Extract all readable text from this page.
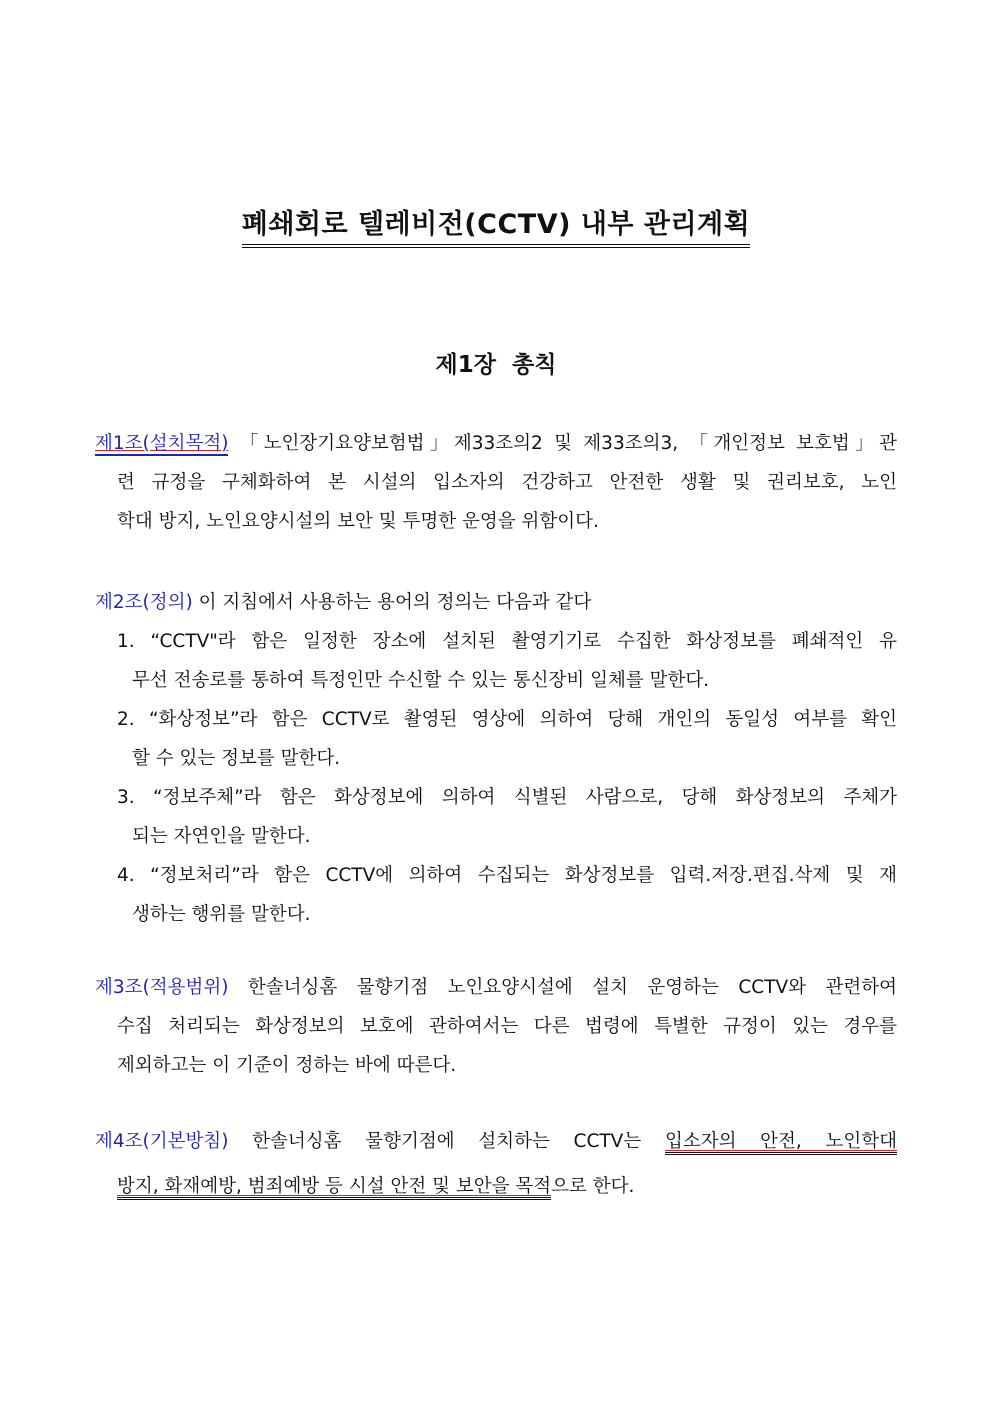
폐쇄회로 텔레비전(CCTV) 내부 관리계획
제1장 총칙
제1조(설치목적) 「노인장기요양보험법」제33조의2 및 제33조의3, 「개인정보 보호법」관
련 규정을 구체화하여 본 시설의 입소자의 건강하고 안전한 생활 및 권리보호, 노인
학대 방지, 노인요양시설의 보안 및 투명한 운영을 위함이다.
제2조(정의) 이 지침에서 사용하는 용어의 정의는 다음과 같다
1. “CCTV"라 함은 일정한 장소에 설치된 촬영기기로 수집한 화상정보를 폐쇄적인 유
무선 전송로를 통하여 특정인만 수신할 수 있는 통신장비 일체를 말한다.
2. “화상정보”라 함은 CCTV로 촬영된 영상에 의하여 당해 개인의 동일성 여부를 확인
할 수 있는 정보를 말한다.
3. “정보주체”라 함은 화상정보에 의하여 식별된 사람으로, 당해 화상정보의 주체가
되는 자연인을 말한다.
4. “정보처리”라 함은 CCTV에 의하여 수집되는 화상정보를 입력.저장.편집.삭제 및 재
생하는 행위를 말한다.
제3조(적용범위) 한솔너싱홈 물향기점 노인요양시설에 설치 운영하는 CCTV와 관련하여
수집 처리되는 화상정보의 보호에 관하여서는 다른 법령에 특별한 규정이 있는 경우를
제외하고는 이 기준이 정하는 바에 따른다.
제4조(기본방침) 한솔너싱홈 물향기점에 설치하는 CCTV는 입소자의 안전, 노인학대
방지, 화재예방, 범죄예방 등 시설 안전 및 보안을 목적으로 한다.
